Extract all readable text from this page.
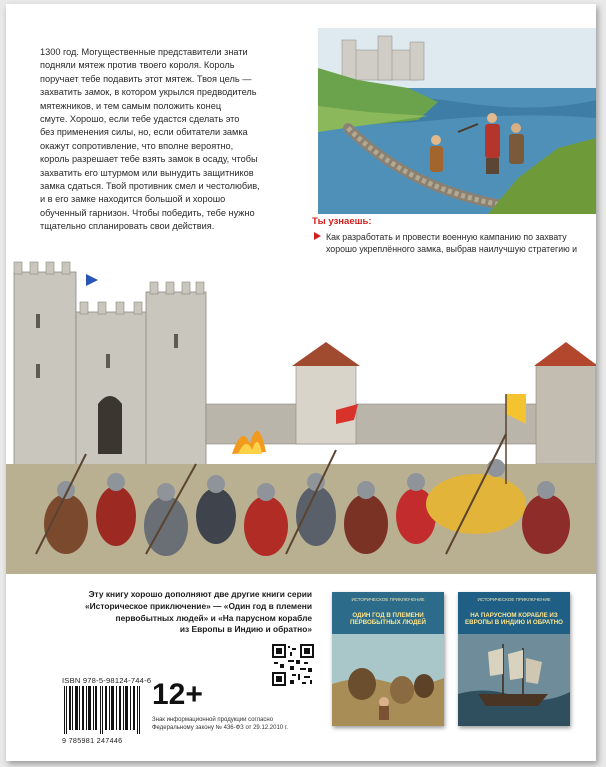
1300 год. Могущественные представители знати
подняли мятеж против твоего короля. Король
поручает тебе подавить этот мятеж. Твоя цель —
захватить замок, в котором укрылся предводитель
мятежников, и тем самым положить конец
смуте. Хорошо, если тебе удастся сделать это
без применения силы, но, если обитатели замка
окажут сопротивление, что вполне вероятно,
король разрешает тебе взять замок в осаду, чтобы
захватить его штурмом или вынудить защитников
замка сдаться. Твой противник смел и честолюбив,
и в его замке находится большой и хорошо
обученный гарнизон. Чтобы победить, тебе нужно
тщательно спланировать свои действия.	Ты узнаешь:
Как разработать и провести военную кампанию по захвату хорошо укреплённого замка, выбрав наилучшую стратегию и
Эту книгу хорошо дополняют две другие книги серии
«Историческое приключение» — «Один год в племени
первобытных людей» и «На парусном корабле
из Европы в Индию и обратно»
ISBN 978-5-98124-744-6
9 785981 247446
12+
Знак информационной продукции согласно Федеральному закону № 436-ФЗ от 29.12.2010 г.
ИСТОРИЧЕСКОЕ ПРИКЛЮЧЕНИЕ
ОДИН ГОД В ПЛЕМЕНИ ПЕРВОБЫТНЫХ ЛЮДЕЙ
ИСТОРИЧЕСКОЕ ПРИКЛЮЧЕНИЕ
НА ПАРУСНОМ КОРАБЛЕ ИЗ ЕВРОПЫ В ИНДИЮ И ОБРАТНО
